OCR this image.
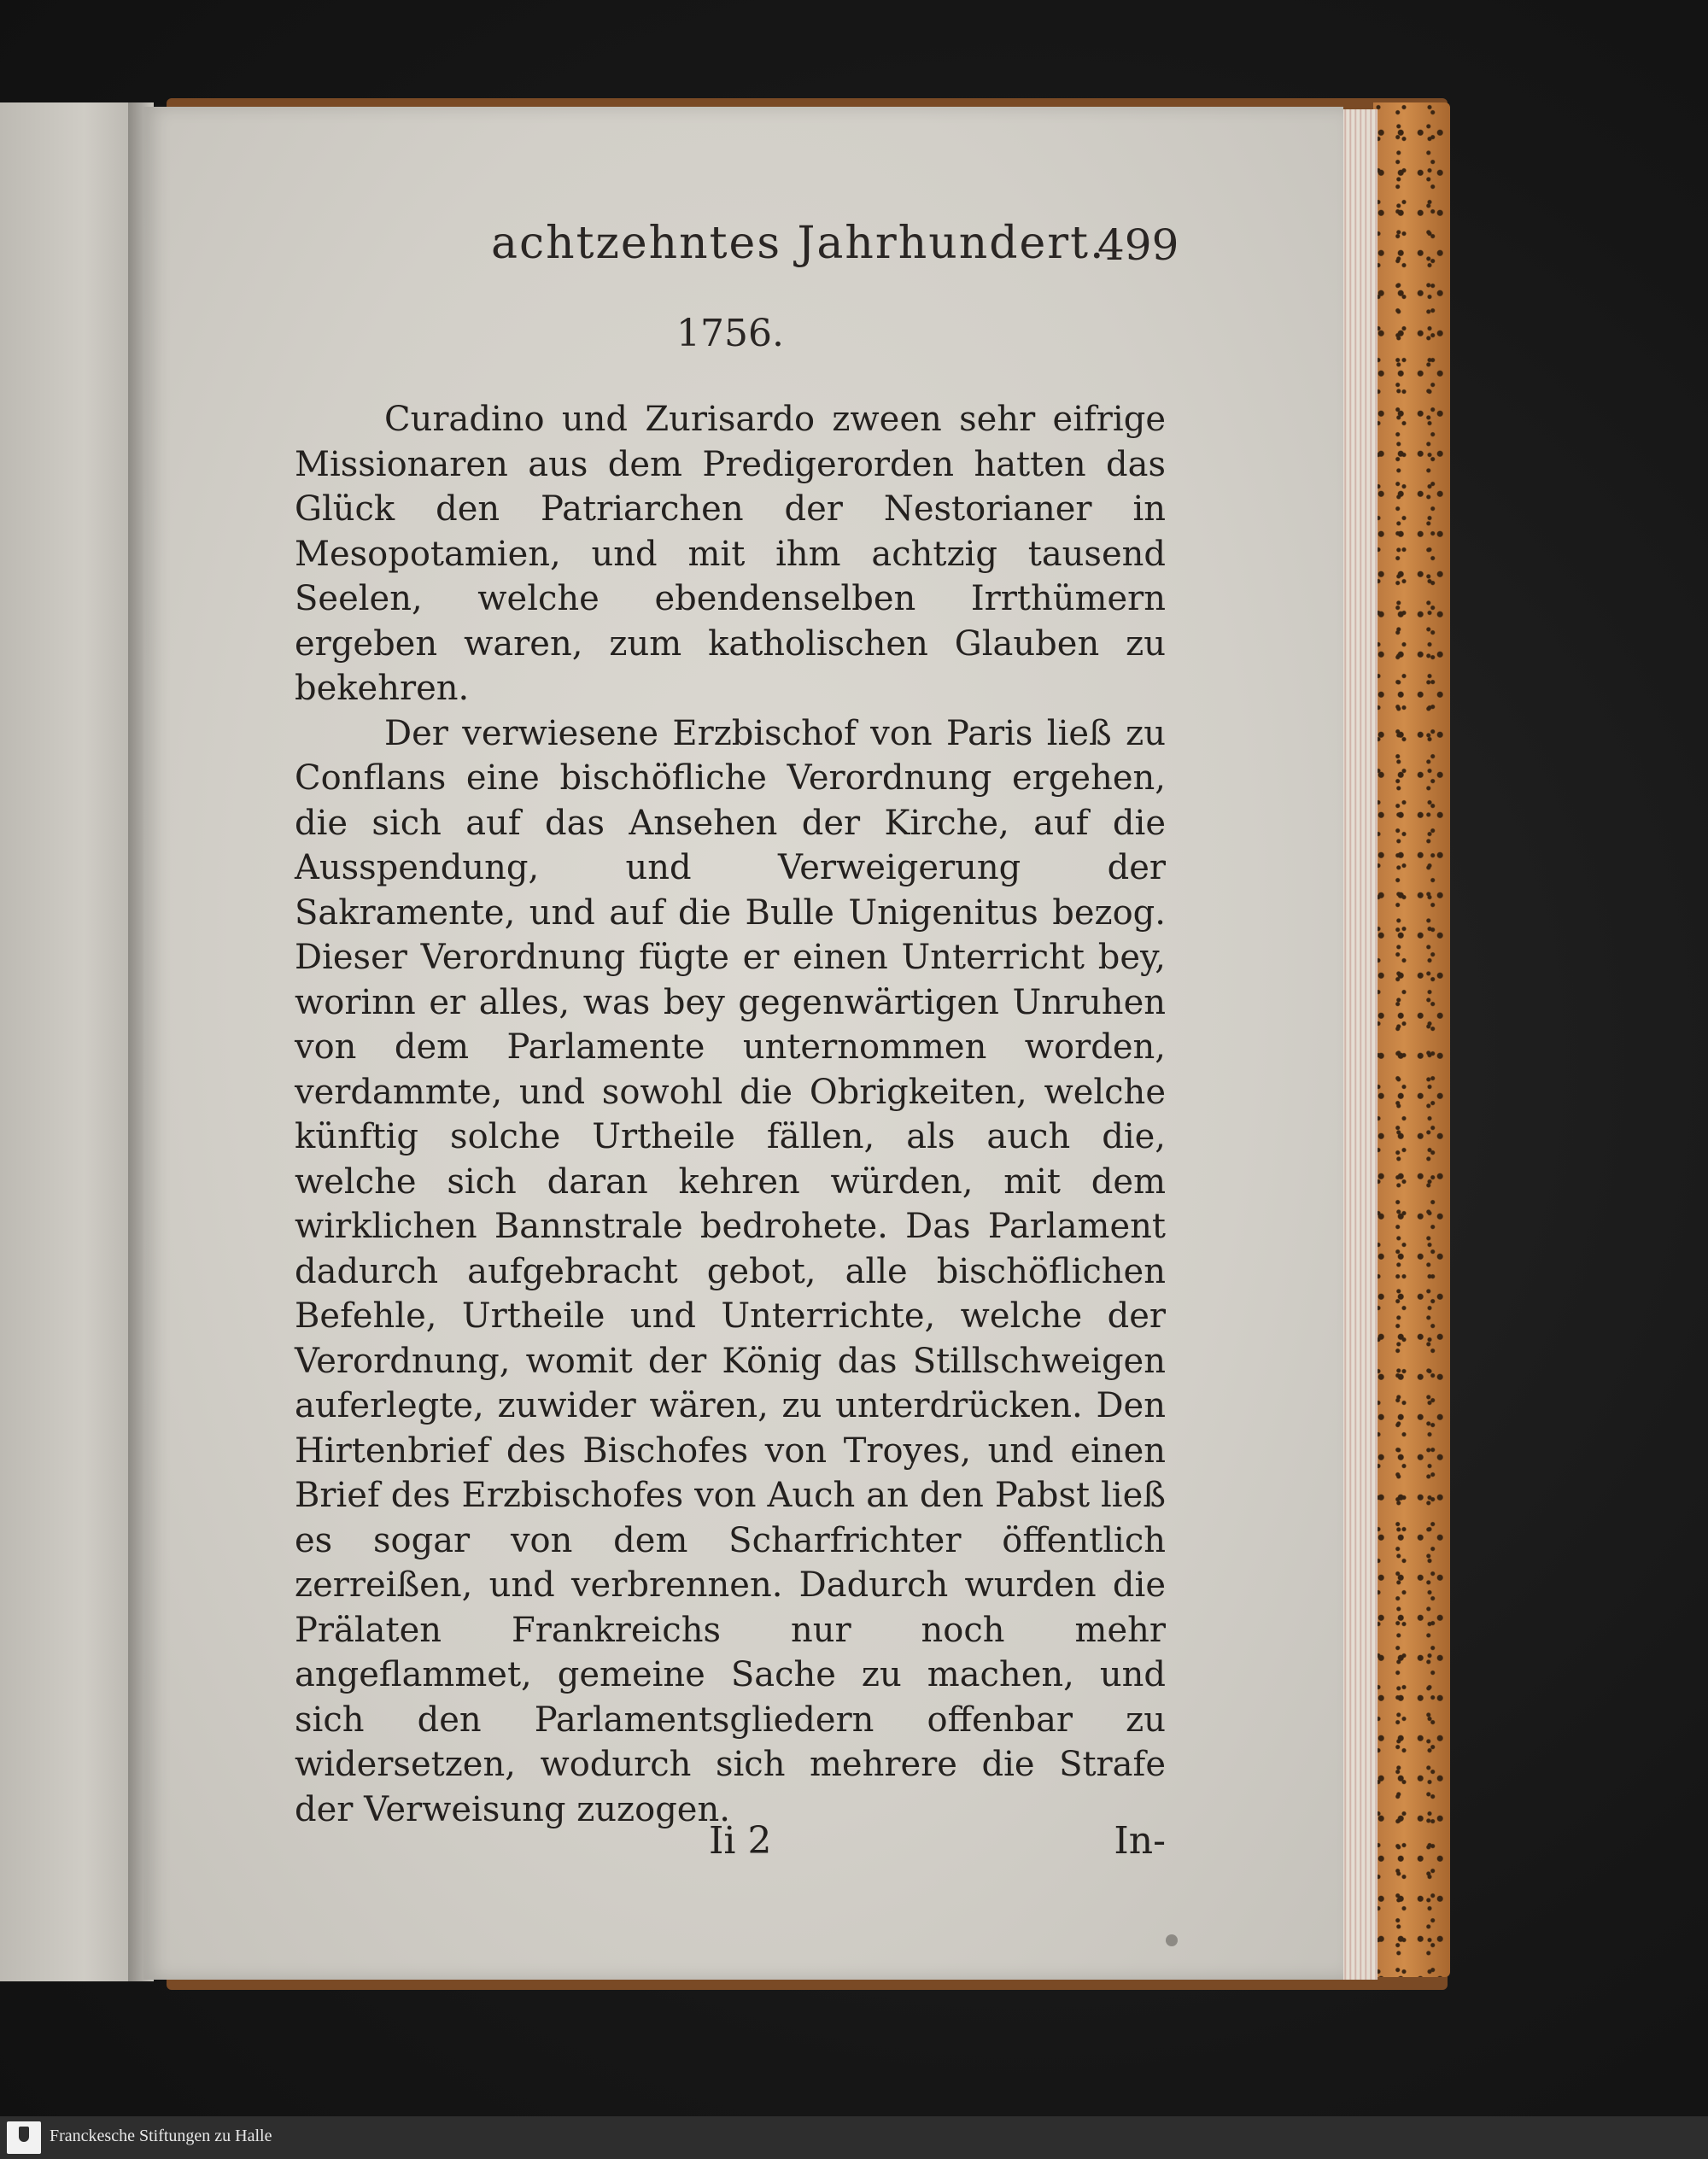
achtzehntes Jahrhundert.
499
1756.

Curadino und Zurisardo zween sehr eifrige Missionaren aus dem Predigerorden hatten das Glück den Patriarchen der Nestorianer in Mesopotamien, und mit ihm achtzig tausend Seelen, welche ebendenselben Irrthümern ergeben waren, zum katholischen Glauben zu bekehren.

Der verwiesene Erzbischof von Paris ließ zu Conflans eine bischöfliche Verordnung ergehen, die sich auf das Ansehen der Kirche, auf die Ausspendung, und Verweigerung der Sakramente, und auf die Bulle Unigenitus bezog. Dieser Verordnung fügte er einen Unterricht bey, worinn er alles, was bey gegenwärtigen Unruhen von dem Parlamente unternommen worden, verdammte, und sowohl die Obrigkeiten, welche künftig solche Urtheile fällen, als auch die, welche sich daran kehren würden, mit dem wirklichen Bannstrale bedrohete. Das Parlament dadurch aufgebracht gebot, alle bischöflichen Befehle, Urtheile und Unterrichte, welche der Verordnung, womit der König das Stillschweigen auferlegte, zuwider wären, zu unterdrücken. Den Hirtenbrief des Bischofes von Troyes, und einen Brief des Erzbischofes von Auch an den Pabst ließ es sogar von dem Scharfrichter öffentlich zerreißen, und verbrennen. Dadurch wurden die Prälaten Frankreichs nur noch mehr angeflammet, gemeine Sache zu machen, und sich den Parlamentsgliedern offenbar zu widersetzen, wodurch sich mehrere die Strafe der Verweisung zuzogen.

Ii 2	In-
Franckesche Stiftungen zu Halle
